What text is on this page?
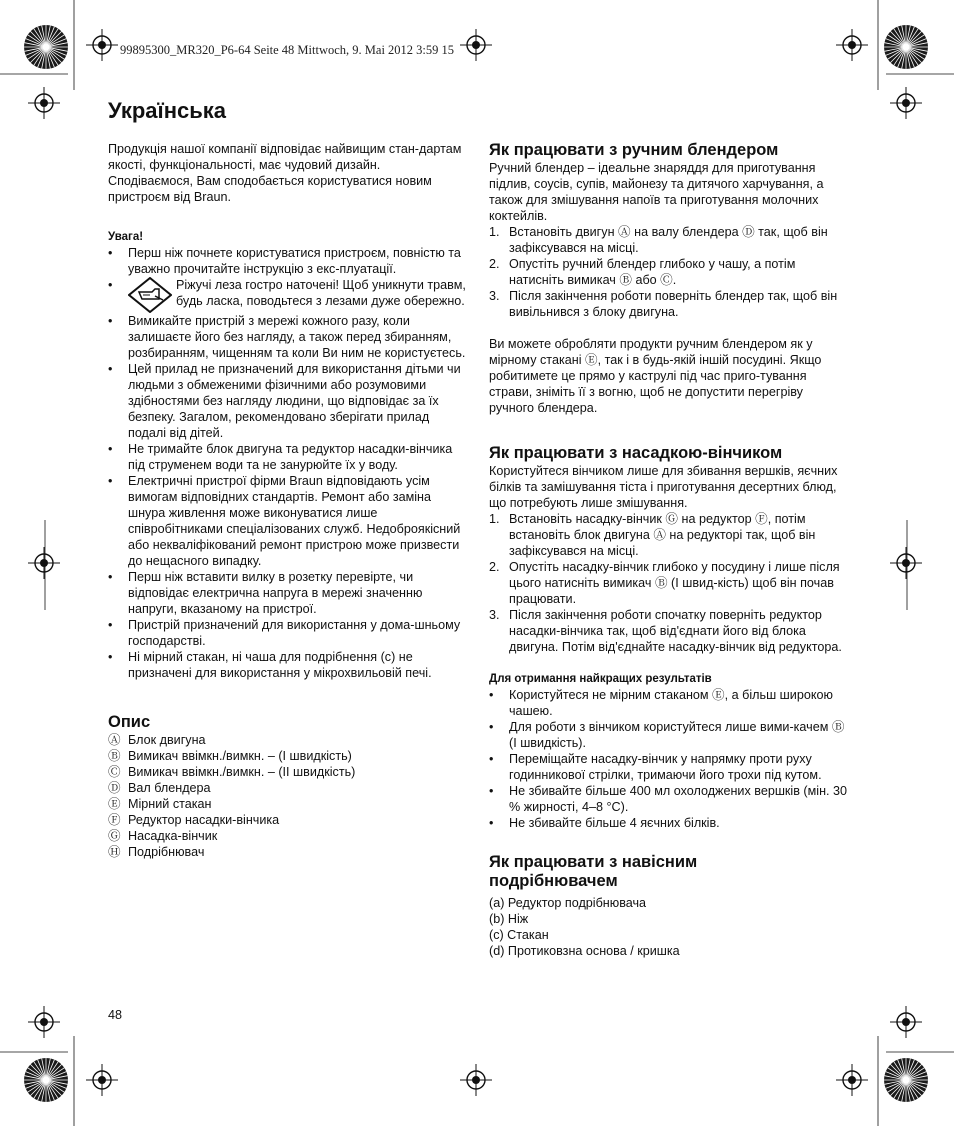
99895300_MR320_P6-64 Seite 48 Mittwoch, 9. Mai 2012 3:59 15
Українська

Продукція нашої компанії відповідає найвищим стан-дартам якості, функціональності, має чудовий дизайн.

Сподіваємося, Вам сподобається користуватися новим пристроєм від Braun.

Увага!

• Перш ніж почнете користуватися пристроєм, повністю та уважно прочитайте інструкцію з екс-плуатації.
• Ріжучі леза гостро наточені! Щоб уникнути травм, будь ласка, поводьтеся з лезами дуже обережно.
• Вимикайте пристрій з мережі кожного разу, коли залишаєте його без нагляду, а також перед збиранням, розбиранням, чищенням та коли Ви ним не користуєтесь.
• Цей прилад не призначений для використання дітьми чи людьми з обмеженими фізичними або розумовими здібностями без нагляду людини, що відповідає за їх безпеку. Загалом, рекомендовано зберігати прилад подалі від дітей.
• Не тримайте блок двигуна та редуктор насадки-вінчика під струменем води та не занурюйте їх у воду.
• Електричні пристрої фірми Braun відповідають усім вимогам відповідних стандартів. Ремонт або заміна шнура живлення може виконуватися лише співробітниками спеціалізованих служб. Недоброякісний або некваліфікований ремонт пристрою може призвести до нещасного випадку.
• Перш ніж вставити вилку в розетку перевірте, чи відповідає електрична напруга в мережі значенню напруги, вказаному на пристрої.
• Пристрій призначений для використання у дома-шньому господарстві.
• Ні мірний стакан, ні чаша для подрібнення (c) не призначені для використання у мікрохвильовій печі.

Опис

Ⓐ Блок двигуна
Ⓑ Вимикач ввімкн./вимкн. – (I швидкість)
Ⓒ Вимикач ввімкн./вимкн. – (II швидкість)
Ⓓ Вал блендера
Ⓔ Мірний стакан
Ⓕ Редуктор насадки-вінчика
Ⓖ Насадка-вінчик
Ⓗ Подрібнювач
48

Як працювати з ручним блендером

Ручний блендер – ідеальне знаряддя для приготування підлив, соусів, супів, майонезу та дитячого харчування, а також для змішування напоїв та приготування молочних коктейлів.

1. Встановіть двигун Ⓐ на валу блендера Ⓓ так, щоб він зафіксувався на місці.
2. Опустіть ручний блендер глибоко у чашу, а потім натисніть вимикач Ⓑ або Ⓒ.
3. Після закінчення роботи поверніть блендер так, щоб він вивільнився з блоку двигуна.

Ви можете обробляти продукти ручним блендером як у мірному стакані Ⓔ, так і в будь-якій іншій посудині. Якщо робитимете це прямо у каструлі під час приго-тування страви, зніміть її з вогню, щоб не допустити перегріву ручного блендера.

Як працювати з насадкою-вінчиком

Користуйтеся вінчиком лише для збивання вершків, яєчних білків та замішування тіста і приготування десертних блюд, що потребують лише змішування.

1. Встановіть насадку-вінчик Ⓖ на редуктор Ⓕ, потім встановіть блок двигуна Ⓐ на редукторі так, щоб він зафіксувався на місці.
2. Опустіть насадку-вінчик глибоко у посудину і лише після цього натисніть вимикач Ⓑ (I швид-кість) щоб він почав працювати.
3. Після закінчення роботи спочатку поверніть редуктор насадки-вінчика так, щоб від'єднати його від блока двигуна. Потім від'єднайте насадку-вінчик від редуктора.

Для отримання найкращих результатів

• Користуйтеся не мірним стаканом Ⓔ, а більш широкою чашею.
• Для роботи з вінчиком користуйтеся лише вими-качем Ⓑ (I швидкість).
• Переміщайте насадку-вінчик у напрямку проти руху годинникової стрілки, тримаючи його трохи під кутом.
• Не збивайте більше 400 мл охолоджених вершків (мін. 30 % жирності, 4–8 °C).
• Не збивайте більше 4 яєчних білків.

Як працювати з навісним подрібнювачем

(a) Редуктор подрібнювача

(b) Ніж

(c) Стакан

(d) Протиковзна основа / кришка
